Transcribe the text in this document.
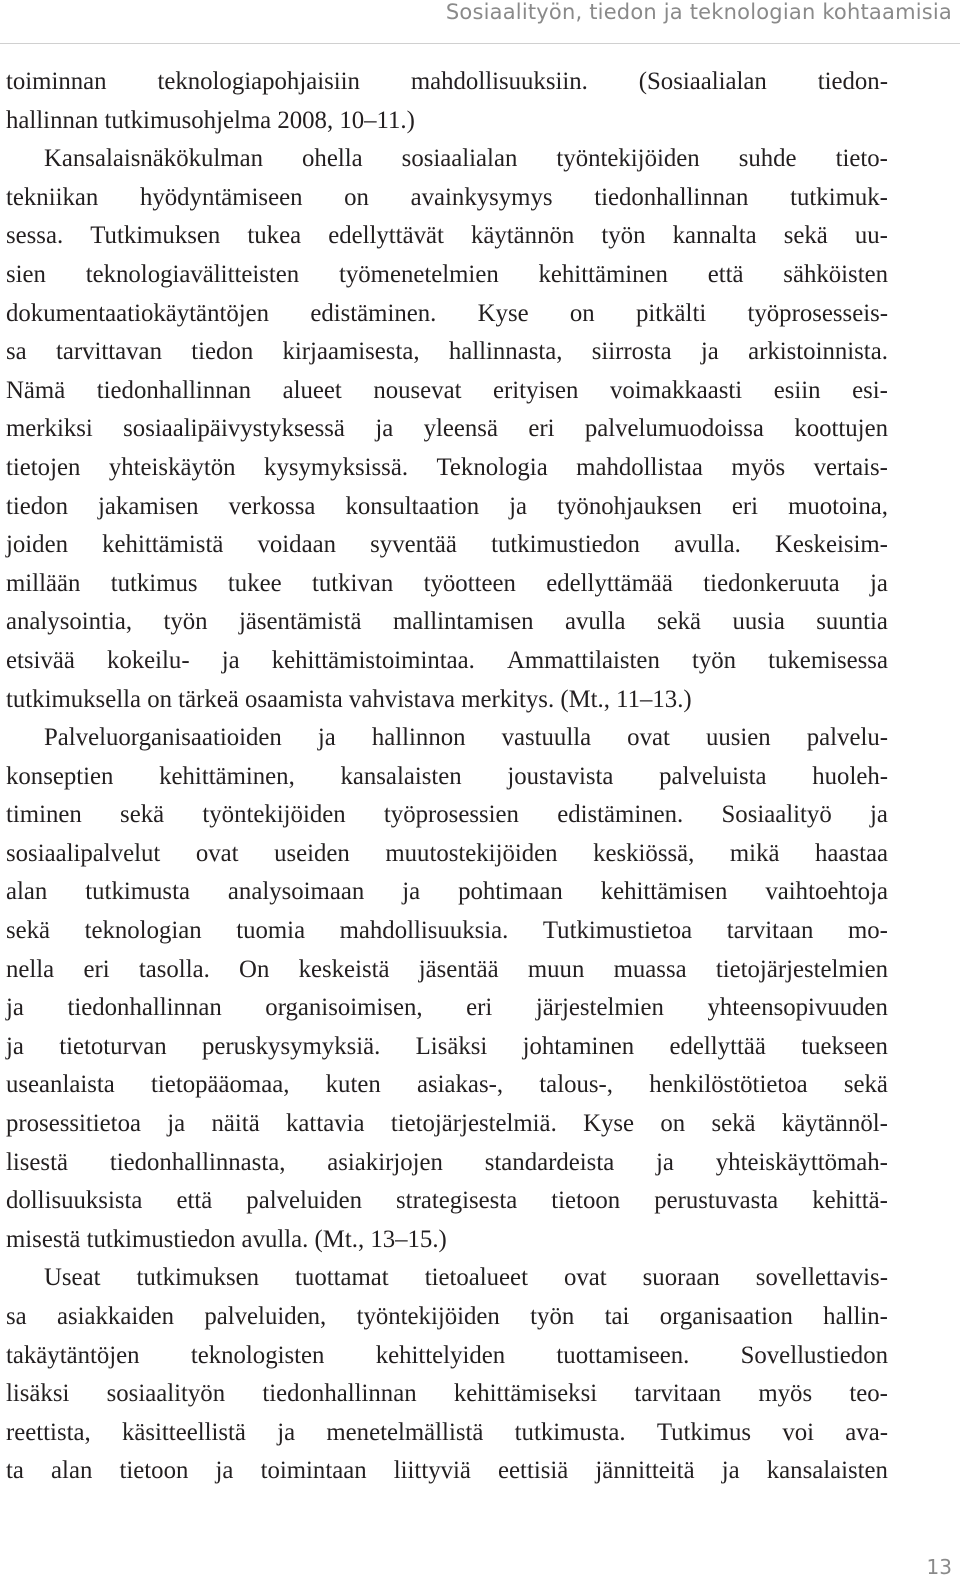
Sosiaalityön, tiedon ja teknologian kohtaamisia
toiminnan teknologiapohjaisiin mahdollisuuksiin. (Sosiaalialan tiedon-
hallinnan tutkimusohjelma 2008, 10–11.)
Kansalaisnäkökulman ohella sosiaalialan työntekijöiden suhde tieto-
tekniikan hyödyntämiseen on avainkysymys tiedonhallinnan tutkimuk-
sessa. Tutkimuksen tukea edellyttävät käytännön työn kannalta sekä uu-
sien teknologiavälitteisten työmenetelmien kehittäminen että sähköisten
dokumentaatiokäytäntöjen edistäminen. Kyse on pitkälti työprosesseis-
sa tarvittavan tiedon kirjaamisesta, hallinnasta, siirrosta ja arkistoinnista.
Nämä tiedonhallinnan alueet nousevat erityisen voimakkaasti esiin esi-
merkiksi sosiaalipäivystyksessä ja yleensä eri palvelumuodoissa koottujen
tietojen yhteiskäytön kysymyksissä. Teknologia mahdollistaa myös vertais-
tiedon jakamisen verkossa konsultaation ja työnohjauksen eri muotoina,
joiden kehittämistä voidaan syventää tutkimustiedon avulla. Keskeisim-
millään tutkimus tukee tutkivan työotteen edellyttämää tiedonkeruuta ja
analysointia, työn jäsentämistä mallintamisen avulla sekä uusia suuntia
etsivää kokeilu- ja kehittämistoimintaa. Ammattilaisten työn tukemisessa
tutkimuksella on tärkeä osaamista vahvistava merkitys. (Mt., 11–13.)
Palveluorganisaatioiden ja hallinnon vastuulla ovat uusien palvelu-
konseptien kehittäminen, kansalaisten joustavista palveluista huoleh-
timinen sekä työntekijöiden työprosessien edistäminen. Sosiaalityö ja
sosiaalipalvelut ovat useiden muutostekijöiden keskiössä, mikä haastaa
alan tutkimusta analysoimaan ja pohtimaan kehittämisen vaihtoehtoja
sekä teknologian tuomia mahdollisuuksia. Tutkimustietoa tarvitaan mo-
nella eri tasolla. On keskeistä jäsentää muun muassa tietojärjestelmien
ja tiedonhallinnan organisoimisen, eri järjestelmien yhteensopivuuden
ja tietoturvan peruskysymyksiä. Lisäksi johtaminen edellyttää tuekseen
useanlaista tietopääomaa, kuten asiakas-, talous-, henkilöstötietoa sekä
prosessitietoa ja näitä kattavia tietojärjestelmiä. Kyse on sekä käytännöl-
lisestä tiedonhallinnasta, asiakirjojen standardeista ja yhteiskäyttömah-
dollisuuksista että palveluiden strategisesta tietoon perustuvasta kehittä-
misestä tutkimustiedon avulla. (Mt., 13–15.)
Useat tutkimuksen tuottamat tietoalueet ovat suoraan sovellettavis-
sa asiakkaiden palveluiden, työntekijöiden työn tai organisaation hallin-
takäytäntöjen teknologisten kehittelyiden tuottamiseen. Sovellustiedon
lisäksi sosiaalityön tiedonhallinnan kehittämiseksi tarvitaan myös teo-
reettista, käsitteellistä ja menetelmällistä tutkimusta. Tutkimus voi ava-
ta alan tietoon ja toimintaan liittyviä eettisiä jännitteitä ja kansalaisten
13
